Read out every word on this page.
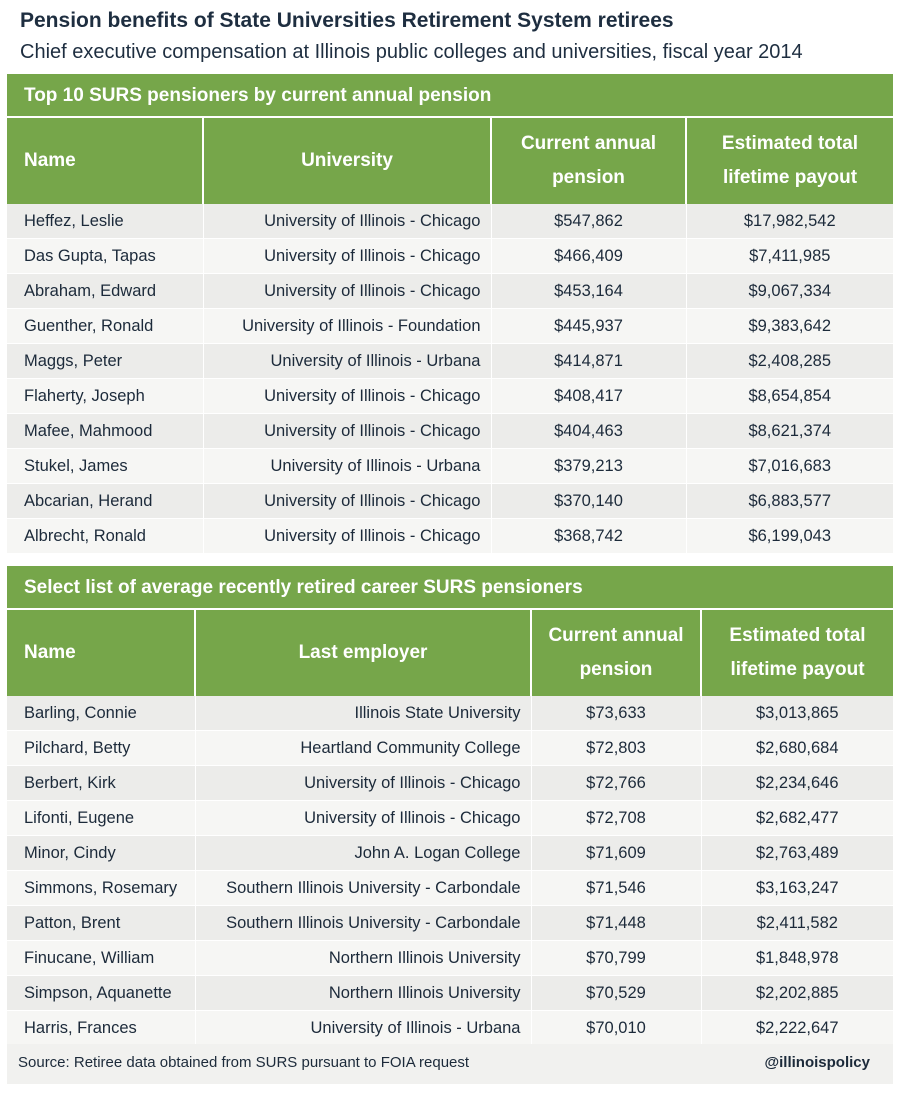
Pension benefits of State Universities Retirement System retirees
Chief executive compensation at Illinois public colleges and universities, fiscal year 2014
Top 10 SURS pensioners by current annual pension
Name	University	Current annual pension	Estimated total lifetime payout
Heffez, Leslie	University of Illinois - Chicago	$547,862	$17,982,542
Das Gupta, Tapas	University of Illinois - Chicago	$466,409	$7,411,985
Abraham, Edward	University of Illinois - Chicago	$453,164	$9,067,334
Guenther, Ronald	University of Illinois - Foundation	$445,937	$9,383,642
Maggs, Peter	University of Illinois - Urbana	$414,871	$2,408,285
Flaherty, Joseph	University of Illinois - Chicago	$408,417	$8,654,854
Mafee, Mahmood	University of Illinois - Chicago	$404,463	$8,621,374
Stukel, James	University of Illinois - Urbana	$379,213	$7,016,683
Abcarian, Herand	University of Illinois - Chicago	$370,140	$6,883,577
Albrecht, Ronald	University of Illinois - Chicago	$368,742	$6,199,043
Select list of average recently retired career SURS pensioners
Name	Last employer	Current annual pension	Estimated total lifetime payout
Barling, Connie	Illinois State University	$73,633	$3,013,865
Pilchard, Betty	Heartland Community College	$72,803	$2,680,684
Berbert, Kirk	University of Illinois - Chicago	$72,766	$2,234,646
Lifonti, Eugene	University of Illinois - Chicago	$72,708	$2,682,477
Minor, Cindy	John A. Logan College	$71,609	$2,763,489
Simmons, Rosemary	Southern Illinois University - Carbondale	$71,546	$3,163,247
Patton, Brent	Southern Illinois University - Carbondale	$71,448	$2,411,582
Finucane, William	Northern Illinois University	$70,799	$1,848,978
Simpson, Aquanette	Northern Illinois University	$70,529	$2,202,885
Harris, Frances	University of Illinois - Urbana	$70,010	$2,222,647
Source: Retiree data obtained from SURS pursuant to FOIA request	@illinoispolicy
